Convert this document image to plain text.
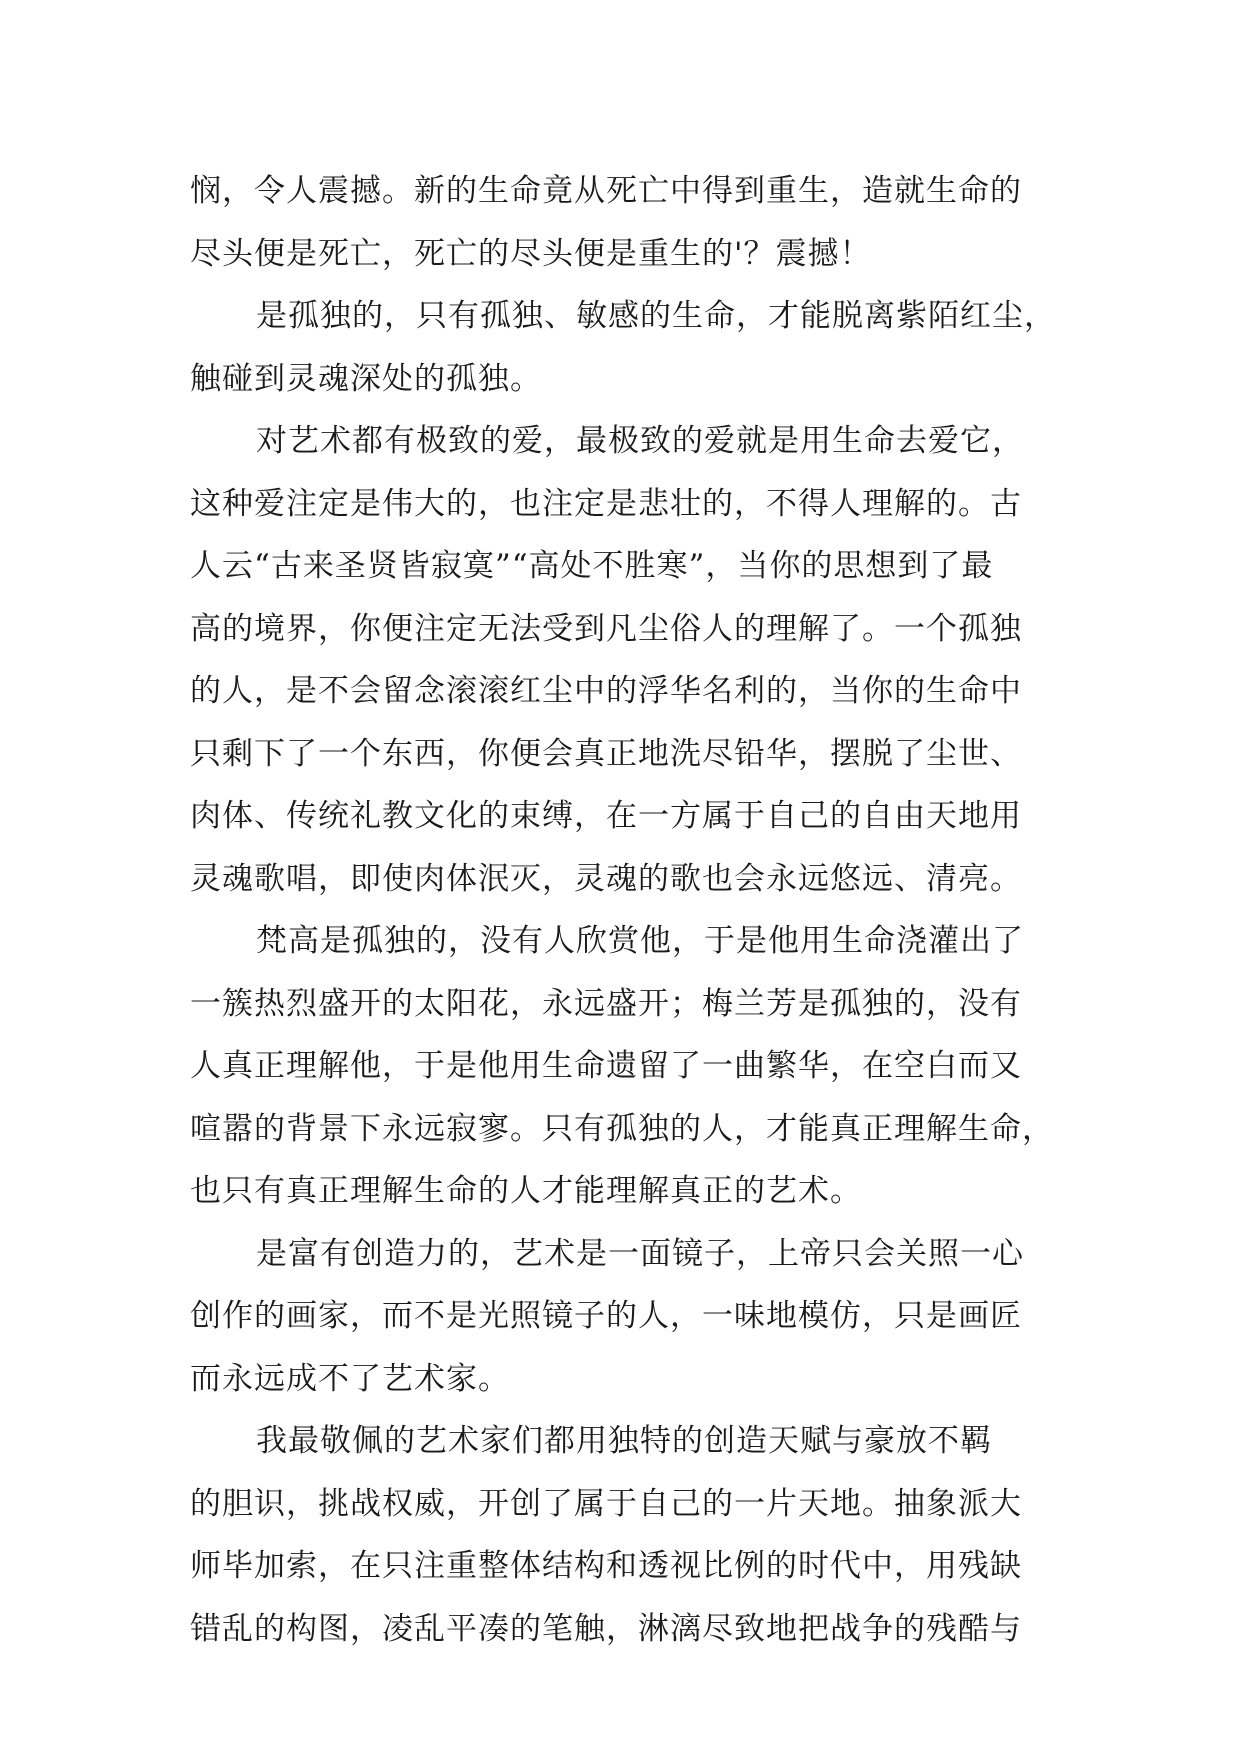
悯，令人震撼。新的生命竟从死亡中得到重生，造就生命的
尽头便是死亡，死亡的尽头便是重生的'？震撼！
是孤独的，只有孤独、敏感的生命，才能脱离紫陌红尘，
触碰到灵魂深处的孤独。
对艺术都有极致的爱，最极致的爱就是用生命去爱它，
这种爱注定是伟大的，也注定是悲壮的，不得人理解的。古
人云“古来圣贤皆寂寞”“高处不胜寒”，当你的思想到了最
高的境界，你便注定无法受到凡尘俗人的理解了。一个孤独
的人，是不会留念滚滚红尘中的浮华名利的，当你的生命中
只剩下了一个东西，你便会真正地洗尽铅华，摆脱了尘世、
肉体、传统礼教文化的束缚，在一方属于自己的自由天地用
灵魂歌唱，即使肉体泯灭，灵魂的歌也会永远悠远、清亮。
梵高是孤独的，没有人欣赏他，于是他用生命浇灌出了
一簇热烈盛开的太阳花，永远盛开；梅兰芳是孤独的，没有
人真正理解他，于是他用生命遗留了一曲繁华，在空白而又
喧嚣的背景下永远寂寥。只有孤独的人，才能真正理解生命，
也只有真正理解生命的人才能理解真正的艺术。
是富有创造力的，艺术是一面镜子，上帝只会关照一心
创作的画家，而不是光照镜子的人，一味地模仿，只是画匠
而永远成不了艺术家。
我最敬佩的艺术家们都用独特的创造天赋与豪放不羁
的胆识，挑战权威，开创了属于自己的一片天地。抽象派大
师毕加索，在只注重整体结构和透视比例的时代中，用残缺
错乱的构图，凌乱平凑的笔触，淋漓尽致地把战争的残酷与
